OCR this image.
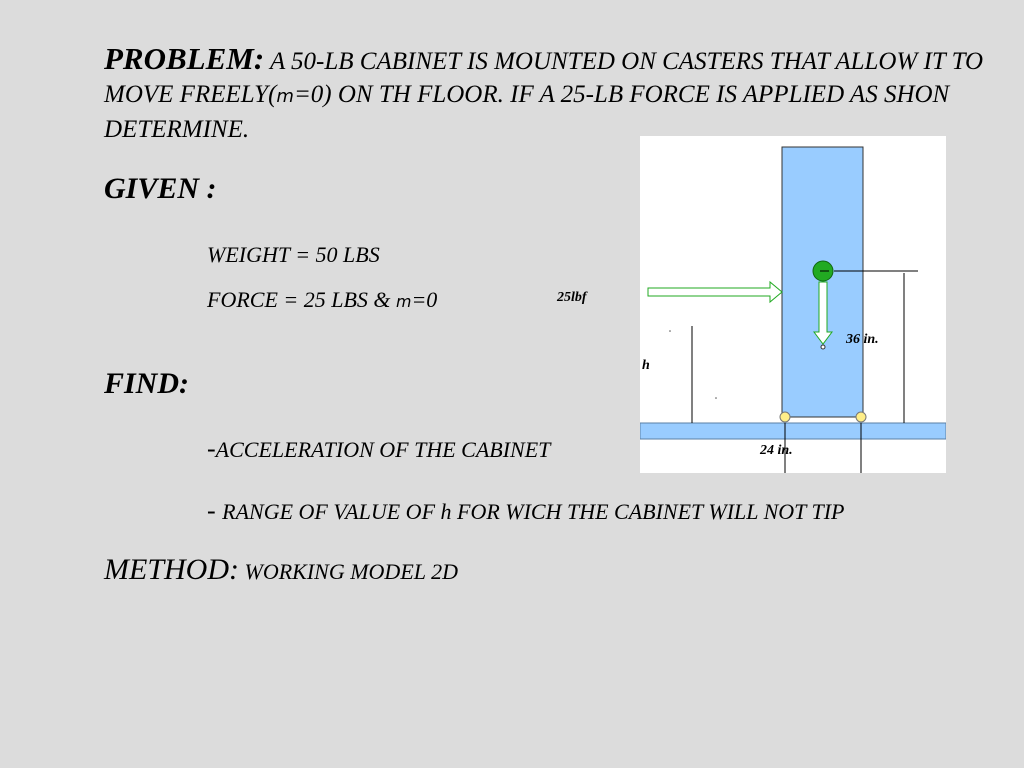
PROBLEM: A 50-LB CABINET IS MOUNTED ON CASTERS THAT ALLOW IT TO MOVE FREELY(m=0) ON TH FLOOR. IF A 25-LB FORCE IS APPLIED AS SHON DETERMINE.

GIVEN :

WEIGHT = 50 LBS

FORCE = 25 LBS & m=0	25lbf

FIND:

-ACCELERATION OF THE CABINET

- RANGE OF VALUE OF h FOR WICH THE CABINET WILL NOT TIP

METHOD: WORKING MODEL 2D

36 in.
h
24 in.
